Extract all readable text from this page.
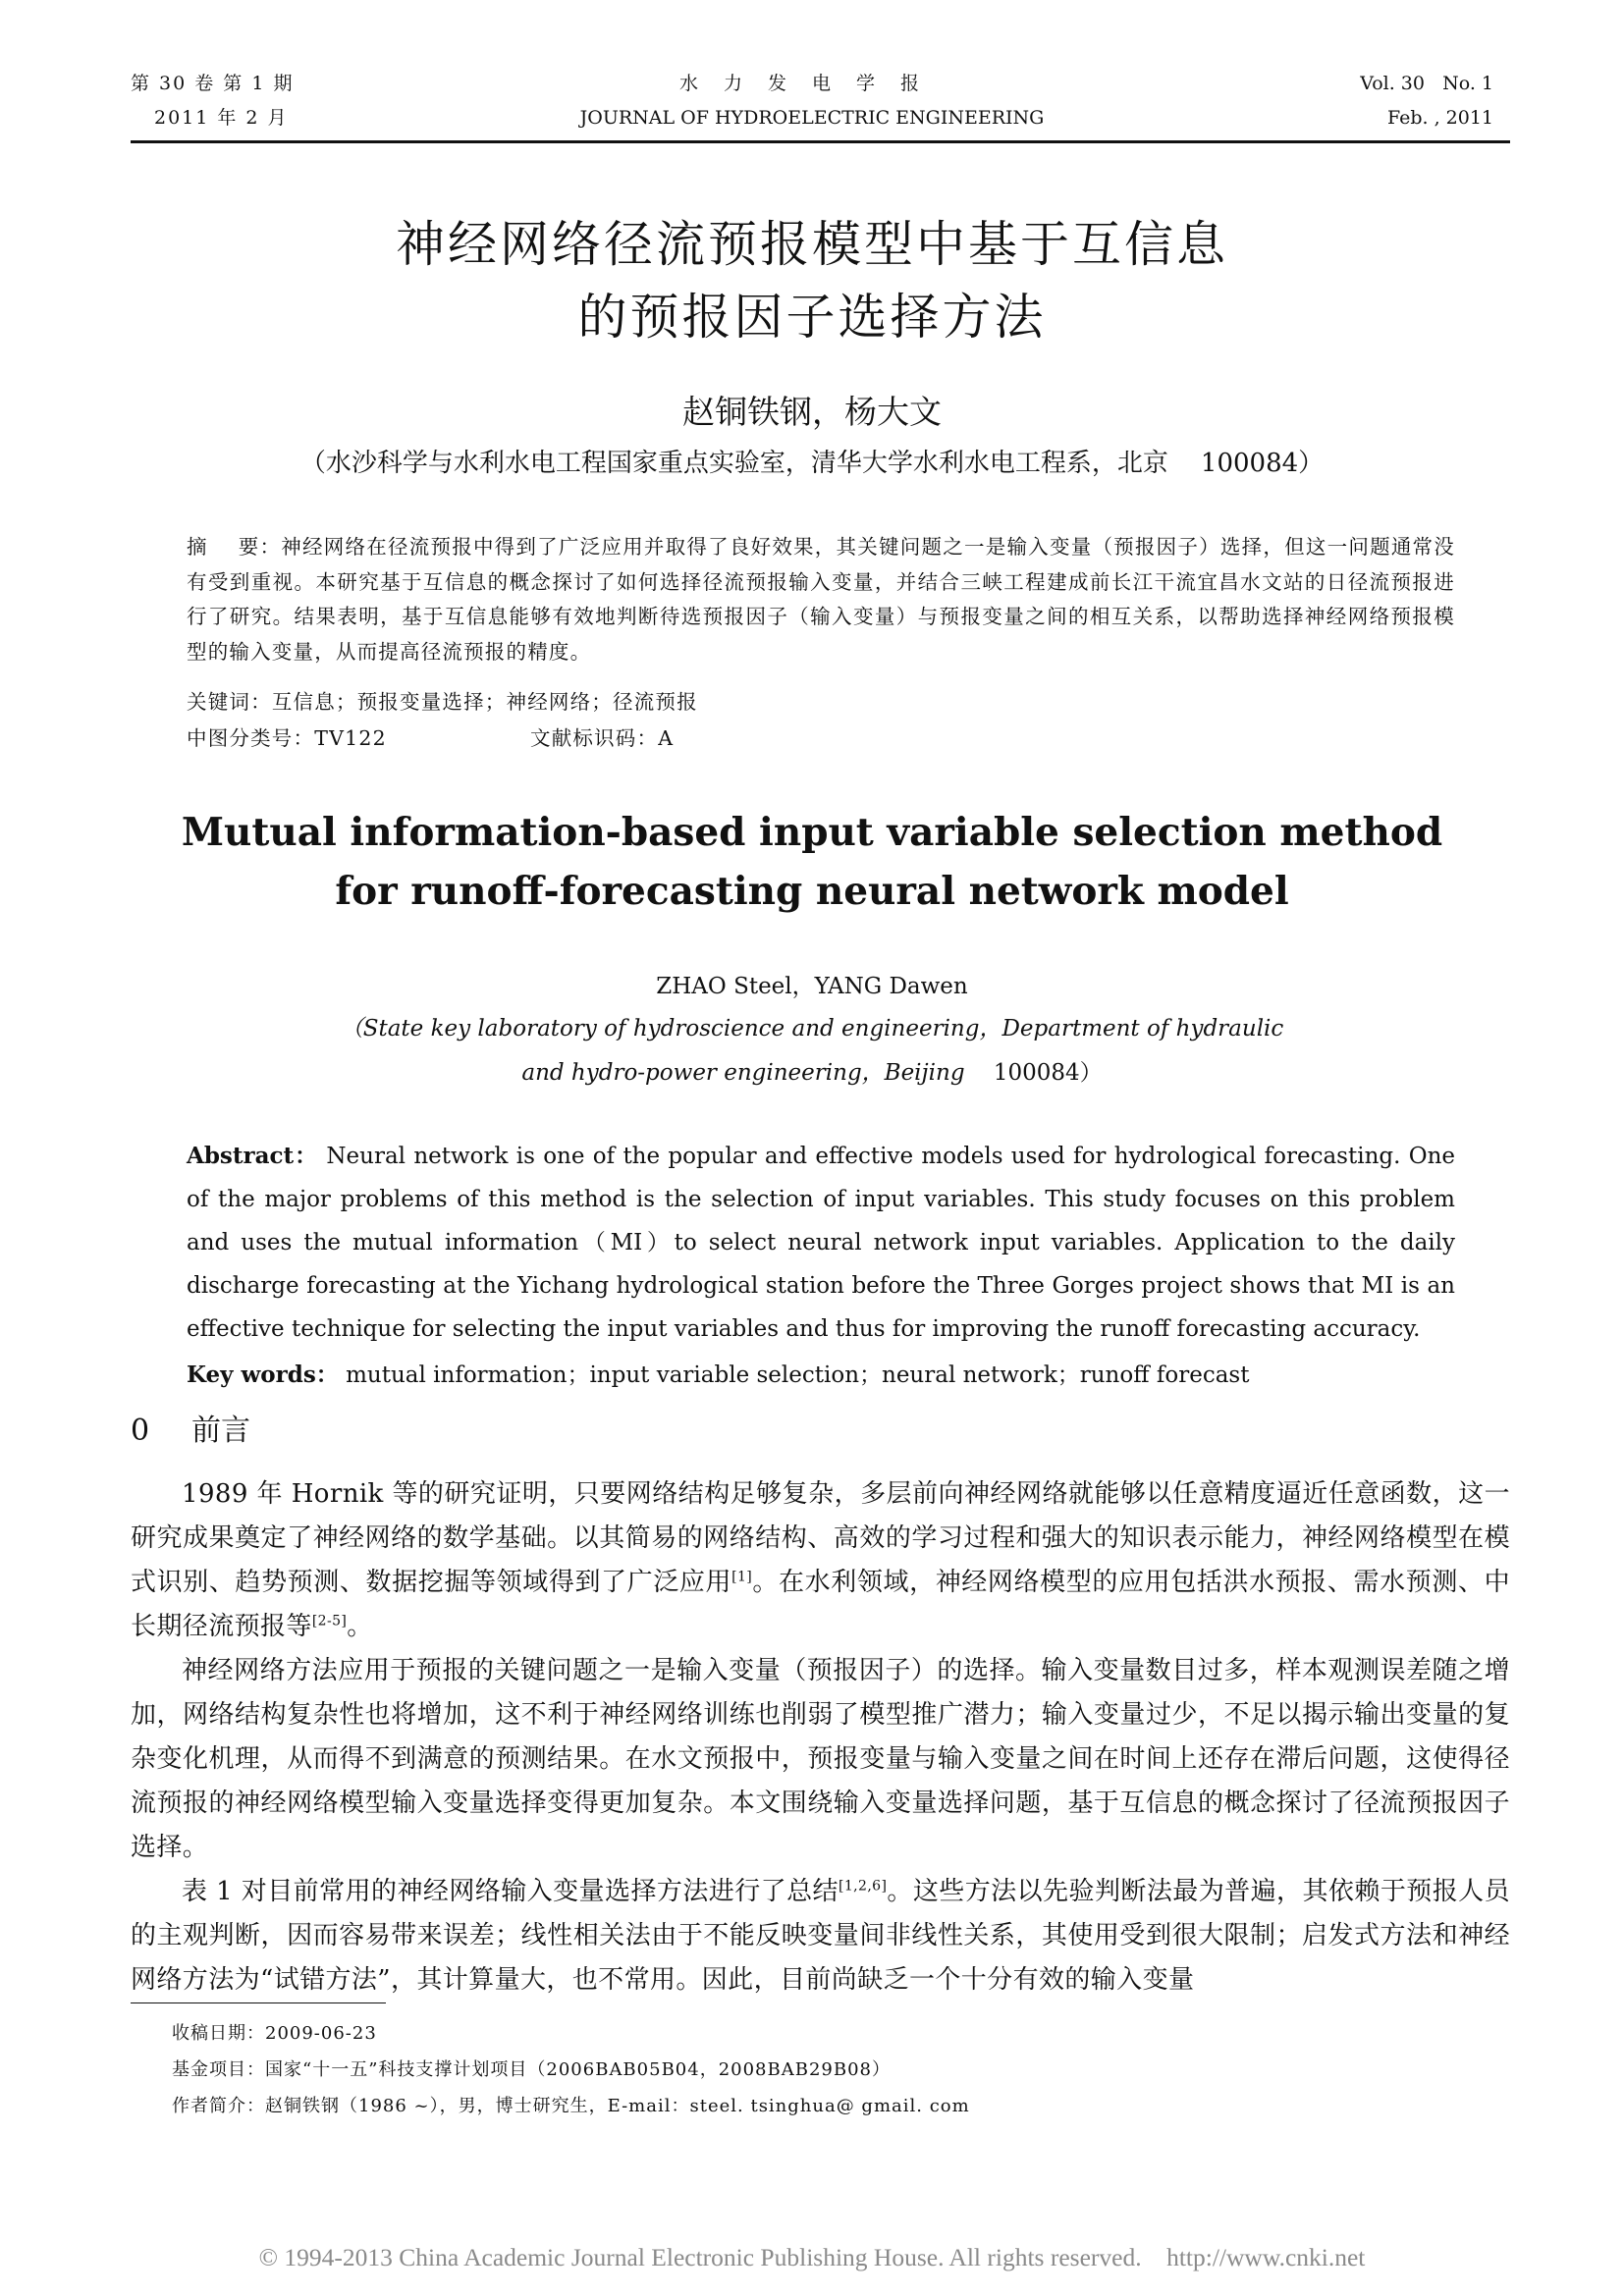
第 30 卷 第 1 期
2011 年 2 月
水力发电学报
JOURNAL OF HYDROELECTRIC ENGINEERING
Vol. 30   No. 1
Feb. , 2011
神经网络径流预报模型中基于互信息
的预报因子选择方法
赵铜铁钢，杨大文
（水沙科学与水利水电工程国家重点实验室，清华大学水利水电工程系，北京    100084）
摘    要：神经网络在径流预报中得到了广泛应用并取得了良好效果，其关键问题之一是输入变量（预报因子）选择，但这一问题通常没有受到重视。本研究基于互信息的概念探讨了如何选择径流预报输入变量，并结合三峡工程建成前长江干流宜昌水文站的日径流预报进行了研究。结果表明，基于互信息能够有效地判断待选预报因子（输入变量）与预报变量之间的相互关系，以帮助选择神经网络预报模型的输入变量，从而提高径流预报的精度。
关键词：互信息；预报变量选择；神经网络；径流预报
中图分类号：TV122	文献标识码：A
Mutual information-based input variable selection method
for runoff-forecasting neural network model
ZHAO Steel，YANG Dawen
（State key laboratory of hydroscience and engineering，Department of hydraulic
and hydro-power engineering，Beijing 100084）
Abstract： Neural network is one of the popular and effective models used for hydrological forecasting. One of the major problems of this method is the selection of input variables. This study focuses on this problem and uses the mutual information（MI）to select neural network input variables. Application to the daily discharge forecasting at the Yichang hydrological station before the Three Gorges project shows that MI is an effective technique for selecting the input variables and thus for improving the runoff forecasting accuracy.
Key words： mutual information；input variable selection；neural network；runoff forecast
0 前言

1989 年 Hornik 等的研究证明，只要网络结构足够复杂，多层前向神经网络就能够以任意精度逼近任意函数，这一研究成果奠定了神经网络的数学基础。以其简易的网络结构、高效的学习过程和强大的知识表示能力，神经网络模型在模式识别、趋势预测、数据挖掘等领域得到了广泛应用[1]。在水利领域，神经网络模型的应用包括洪水预报、需水预测、中长期径流预报等[2-5]。

神经网络方法应用于预报的关键问题之一是输入变量（预报因子）的选择。输入变量数目过多，样本观测误差随之增加，网络结构复杂性也将增加，这不利于神经网络训练也削弱了模型推广潜力；输入变量过少，不足以揭示输出变量的复杂变化机理，从而得不到满意的预测结果。在水文预报中，预报变量与输入变量之间在时间上还存在滞后问题，这使得径流预报的神经网络模型输入变量选择变得更加复杂。本文围绕输入变量选择问题，基于互信息的概念探讨了径流预报因子选择。

表 1 对目前常用的神经网络输入变量选择方法进行了总结[1,2,6]。这些方法以先验判断法最为普遍，其依赖于预报人员的主观判断，因而容易带来误差；线性相关法由于不能反映变量间非线性关系，其使用受到很大限制；启发式方法和神经网络方法为“试错方法”，其计算量大，也不常用。因此，目前尚缺乏一个十分有效的输入变量

收稿日期：2009-06-23
基金项目：国家“十一五”科技支撑计划项目（2006BAB05B04，2008BAB29B08）
作者简介：赵铜铁钢（1986 ~），男，博士研究生，E-mail：steel. tsinghua@ gmail. com
© 1994-2013 China Academic Journal Electronic Publishing House. All rights reserved.    http://www.cnki.net
